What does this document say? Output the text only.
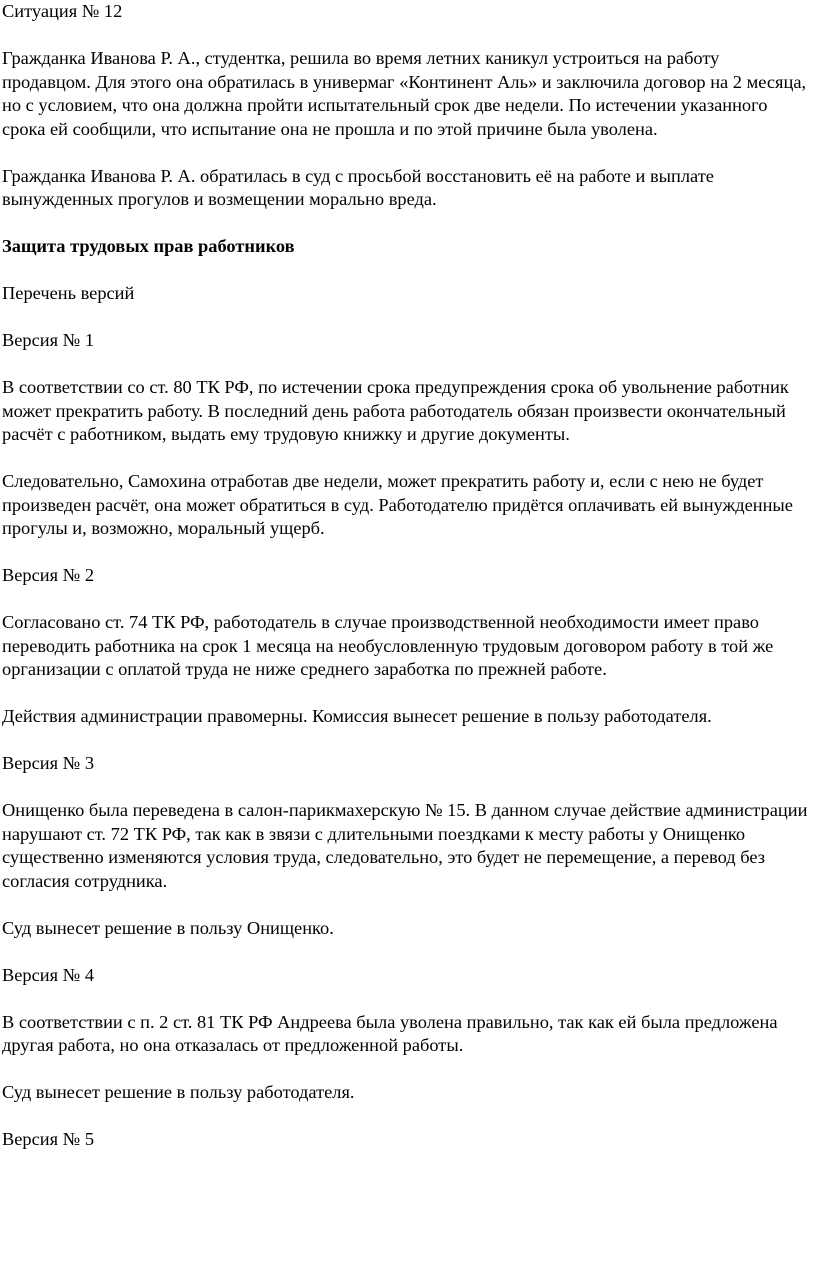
Ситуация № 12

Гражданка Иванова Р. А., студентка, решила во время летних каникул устроиться на работу продавцом. Для этого она обратилась в универмаг «Континент Аль» и заключила договор на 2 месяца, но с условием, что она должна пройти испытательный срок две недели. По истечении указанного срока ей сообщили, что испытание она не прошла и по этой причине была уволена.

Гражданка Иванова Р. А. обратилась в суд с просьбой восстановить её на работе и выплате вынужденных прогулов и возмещении морально вреда.

Защита трудовых прав работников

Перечень версий

Версия № 1

В соответствии со ст. 80 ТК РФ, по истечении срока предупреждения срока об увольнение работник может прекратить работу. В последний день работа работодатель обязан произвести окончательный расчёт с работником, выдать ему трудовую книжку и другие документы.

Следовательно, Самохина отработав две недели, может прекратить работу и, если с нею не будет произведен расчёт, она может обратиться в суд. Работодателю придётся оплачивать ей вынужденные прогулы и, возможно, моральный ущерб.

Версия № 2

Согласовано ст. 74 ТК РФ, работодатель в случае производственной необходимости имеет право переводить работника на срок 1 месяца на необусловленную трудовым договором работу в той же организации с оплатой труда не ниже среднего заработка по прежней работе.

Действия администрации правомерны. Комиссия вынесет решение в пользу работодателя.

Версия № 3

Онищенко была переведена в салон-парикмахерскую № 15. В данном случае действие администрации нарушают ст. 72 ТК РФ, так как в звязи с длительными поездками к месту работы у Онищенко существенно изменяются условия труда, следовательно, это будет не перемещение, а перевод без согласия сотрудника.

Суд вынесет решение в пользу Онищенко.

Версия № 4

В соответствии с п. 2 ст. 81 ТК РФ Андреева была уволена правильно, так как ей была предложена другая работа, но она отказалась от предложенной работы.

Суд вынесет решение в пользу работодателя.

Версия № 5
